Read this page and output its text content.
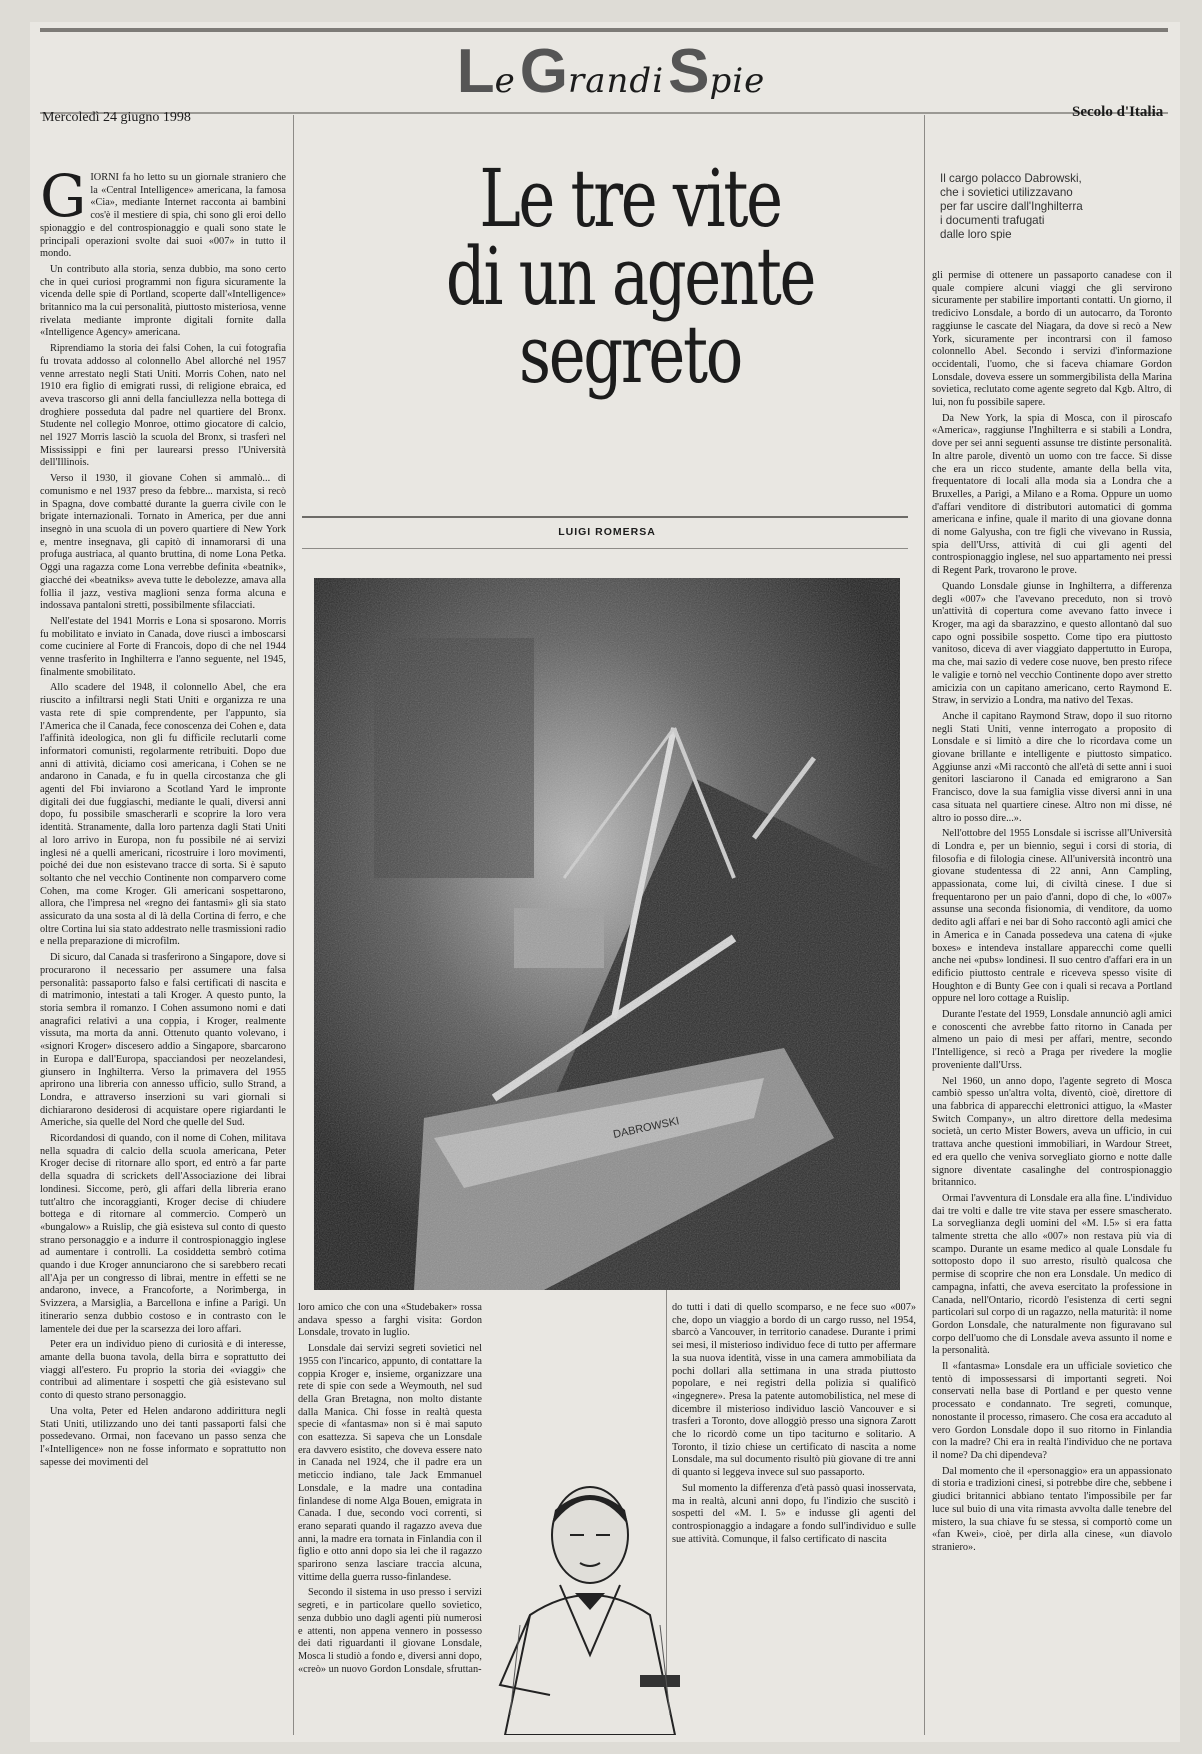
Le Grandi Spie
Mercoledì 24 giugno 1998	Secolo d'Italia
Le tre vite
di un agente
segreto
LUIGI ROMERSA
Il cargo polacco Dabrowski,
che i sovietici utilizzavano
per far uscire dall'Inghilterra
i documenti trafugati
dalle loro spie
G IORNI fa ho letto su un giornale straniero che la «Central Intelligence» americana, la famosa «Cia», mediante Internet racconta ai bambini cos'è il mestiere di spia, chi sono gli eroi dello spionaggio e del controspionaggio e quali sono state le principali operazioni svolte dai suoi «007» in tutto il mondo.

Un contributo alla storia, senza dubbio, ma sono certo che in quei curiosi programmi non figura sicuramente la vicenda delle spie di Portland, scoperte dall'«Intelligence» britannico ma la cui personalità, piuttosto misteriosa, venne rivelata mediante impronte digitali fornite dalla «Intelligence Agency» americana.

Riprendiamo la storia dei falsi Cohen, la cui fotografia fu trovata addosso al colonnello Abel allorché nel 1957 venne arrestato negli Stati Uniti. Morris Cohen, nato nel 1910 era figlio di emigrati russi, di religione ebraica, ed aveva trascorso gli anni della fanciullezza nella bottega di droghiere posseduta dal padre nel quartiere del Bronx. Studente nel collegio Monroe, ottimo giocatore di calcio, nel 1927 Morris lasciò la scuola del Bronx, si trasferì nel Mississippi e finì per laurearsi presso l'Università dell'Illinois.

Verso il 1930, il giovane Cohen si ammalò... di comunismo e nel 1937 preso da febbre... marxista, si recò in Spagna, dove combatté durante la guerra civile con le brigate internazionali. Tornato in America, per due anni insegnò in una scuola di un povero quartiere di New York e, mentre insegnava, gli capitò di innamorarsi di una profuga austriaca, al quanto bruttina, di nome Lona Petka. Oggi una ragazza come Lona verrebbe definita «beatnik», giacché dei «beatniks» aveva tutte le debolezze, amava alla follia il jazz, vestiva maglioni senza forma alcuna e indossava pantaloni stretti, possibilmente sfilacciati.

Nell'estate del 1941 Morris e Lona si sposarono. Morris fu mobilitato e inviato in Canada, dove riuscì a imboscarsi come cuciniere al Forte di Francois, dopo di che nel 1944 venne trasferito in Inghilterra e l'anno seguente, nel 1945, finalmente smobilitato.

Allo scadere del 1948, il colonnello Abel, che era riuscito a infiltrarsi negli Stati Uniti e organizza re una vasta rete di spie comprendente, per l'appunto, sia l'America che il Canada, fece conoscenza dei Cohen e, data l'affinità ideologica, non gli fu difficile reclutarli come informatori comunisti, regolarmente retribuiti. Dopo due anni di attività, diciamo così americana, i Cohen se ne andarono in Canada, e fu in quella circostanza che gli agenti del Fbi inviarono a Scotland Yard le impronte digitali dei due fuggiaschi, mediante le quali, diversi anni dopo, fu possibile smascherarli e scoprire la loro vera identità. Stranamente, dalla loro partenza dagli Stati Uniti al loro arrivo in Europa, non fu possibile né ai servizi inglesi né a quelli americani, ricostruire i loro movimenti, poiché dei due non esistevano tracce di sorta. Si è saputo soltanto che nel vecchio Continente non comparvero come Cohen, ma come Kroger. Gli americani sospettarono, allora, che l'impresa nel «regno dei fantasmi» gli sia stato assicurato da una sosta al di là della Cortina di ferro, e che oltre Cortina lui sia stato addestrato nelle trasmissioni radio e nella preparazione di microfilm.

Di sicuro, dal Canada si trasferirono a Singapore, dove si procurarono il necessario per assumere una falsa personalità: passaporto falso e falsi certificati di nascita e di matrimonio, intestati a tali Kroger. A questo punto, la storia sembra il romanzo. I Cohen assumono nomi e dati anagrafici relativi a una coppia, i Kroger, realmente vissuta, ma morta da anni. Ottenuto quanto volevano, i «signori Kroger» discesero addio a Singapore, sbarcarono in Europa e dall'Europa, spacciandosi per neozelandesi, giunsero in Inghilterra. Verso la primavera del 1955 aprirono una libreria con annesso ufficio, sullo Strand, a Londra, e attraverso inserzioni su vari giornali si dichiararono desiderosi di acquistare opere rigiardanti le Americhe, sia quelle del Nord che quelle del Sud.

Ricordandosi di quando, con il nome di Cohen, militava nella squadra di calcio della scuola americana, Peter Kroger decise di ritornare allo sport, ed entrò a far parte della squadra di scrickets dell'Associazione dei librai londinesi. Siccome, però, gli affari della libreria erano tutt'altro che incoraggianti, Kroger decise di chiudere bottega e di ritornare al commercio. Comperò un «bungalow» a Ruislip, che già esisteva sul conto di questo strano personaggio e a indurre il controspionaggio inglese ad aumentare i controlli. La cosiddetta sembrò cotima quando i due Kroger annunciarono che si sarebbero recati all'Aja per un congresso di librai, mentre in effetti se ne andarono, invece, a Francoforte, a Norimberga, in Svizzera, a Marsiglia, a Barcellona e infine a Parigi. Un itinerario senza dubbio costoso e in contrasto con le lamentele dei due per la scarsezza dei loro affari.

Peter era un individuo pieno di curiosità e di interesse, amante della buona tavola, della birra e soprattutto dei viaggi all'estero. Fu proprio la storia dei «viaggi» che contribuì ad alimentare i sospetti che già esistevano sul conto di questo strano personaggio.

Una volta, Peter ed Helen andarono addirittura negli Stati Uniti, utilizzando uno dei tanti passaporti falsi che possedevano. Ormai, non facevano un passo senza che l'«Intelligence» non ne fosse informato e soprattutto non sapesse dei movimenti del

loro amico che con una «Studebaker» rossa andava spesso a farghi visita: Gordon Lonsdale, trovato in luglio.

Lonsdale dai servizi segreti sovietici nel 1955 con l'incarico, appunto, di contattare la coppia Kroger e, insieme, organizzare una rete di spie con sede a Weymouth, nel sud della Gran Bretagna, non molto distante dalla Manica. Chi fosse in realtà questa specie di «fantasma» non si è mai saputo con esattezza. Si sapeva che un Lonsdale era davvero esistito, che doveva essere nato in Canada nel 1924, che il padre era un meticcio indiano, tale Jack Emmanuel Lonsdale, e la madre una contadina finlandese di nome Alga Bouen, emigrata in Canada. I due, secondo voci correnti, si erano separati quando il ragazzo aveva due anni, la madre era tornata in Finlandia con il figlio e otto anni dopo sia lei che il ragazzo sparirono senza lasciare traccia alcuna, vittime della guerra russo-finlandese.

Secondo il sistema in uso presso i servizi segreti, e in particolare quello sovietico, senza dubbio uno dagli agenti più numerosi e attenti, non appena vennero in possesso dei dati riguardanti il giovane Lonsdale, Mosca li studiò a fondo e, diversi anni dopo, «creò» un nuovo Gordon Lonsdale, sfruttan-

do tutti i dati di quello scomparso, e ne fece suo «007» che, dopo un viaggio a bordo di un cargo russo, nel 1954, sbarcò a Vancouver, in territorio canadese. Durante i primi sei mesi, il misterioso individuo fece di tutto per affermare la sua nuova identità, visse in una camera ammobiliata da pochi dollari alla settimana in una strada piuttosto popolare, e nei registri della polizia si qualificò «ingegnere». Presa la patente automobilistica, nel mese di dicembre il misterioso individuo lasciò Vancouver e si trasferì a Toronto, dove alloggiò presso una signora Zarott che lo ricordò come un tipo taciturno e solitario. A Toronto, il tizio chiese un certificato di nascita a nome Lonsdale, ma sul documento risultò più giovane di tre anni di quanto si leggeva invece sul suo passaporto.

Sul momento la differenza d'età passò quasi inosservata, ma in realtà, alcuni anni dopo, fu l'indizio che suscitò i sospetti del «M. I. 5» e indusse gli agenti del controspionaggio a indagare a fondo sull'individuo e sulle sue attività. Comunque, il falso certificato di nascita

gli permise di ottenere un passaporto canadese con il quale compiere alcuni viaggi che gli servirono sicuramente per stabilire importanti contatti. Un giorno, il tredicivo Lonsdale, a bordo di un autocarro, da Toronto raggiunse le cascate del Niagara, da dove si recò a New York, sicuramente per incontrarsi con il famoso colonnello Abel. Secondo i servizi d'informazione occidentali, l'uomo, che si faceva chiamare Gordon Lonsdale, doveva essere un sommergibilista della Marina sovietica, reclutato come agente segreto dal Kgb. Altro, di lui, non fu possibile sapere.

Da New York, la spia di Mosca, con il piroscafo «America», raggiunse l'Inghilterra e si stabilì a Londra, dove per sei anni seguenti assunse tre distinte personalità. In altre parole, diventò un uomo con tre facce. Si disse che era un ricco studente, amante della bella vita, frequentatore di locali alla moda sia a Londra che a Bruxelles, a Parigi, a Milano e a Roma. Oppure un uomo d'affari venditore di distributori automatici di gomma americana e infine, quale il marito di una giovane donna di nome Galyusha, con tre figli che vivevano in Russia, spia dell'Urss, attività di cui gli agenti del controspionaggio inglese, nel suo appartamento nei pressi di Regent Park, trovarono le prove.

Quando Lonsdale giunse in Inghilterra, a differenza degli «007» che l'avevano preceduto, non si trovò un'attività di copertura come avevano fatto invece i Kroger, ma agì da sbarazzino, e questo allontanò dal suo capo ogni possibile sospetto. Come tipo era piuttosto vanitoso, diceva di aver viaggiato dappertutto in Europa, ma che, mai sazio di vedere cose nuove, ben presto rifece le valigie e tornò nel vecchio Continente dopo aver stretto amicizia con un capitano americano, certo Raymond E. Straw, in servizio a Londra, ma nativo del Texas.

Anche il capitano Raymond Straw, dopo il suo ritorno negli Stati Uniti, venne interrogato a proposito di Lonsdale e si limitò a dire che lo ricordava come un giovane brillante e intelligente e piuttosto simpatico. Aggiunse anzi «Mi raccontò che all'età di sette anni i suoi genitori lasciarono il Canada ed emigrarono a San Francisco, dove la sua famiglia visse diversi anni in una casa situata nel quartiere cinese. Altro non mi disse, né altro io posso dire...».

Nell'ottobre del 1955 Lonsdale si iscrisse all'Università di Londra e, per un biennio, seguì i corsi di storia, di filosofia e di filologia cinese. All'università incontrò una giovane studentessa di 22 anni, Ann Campling, appassionata, come lui, di civiltà cinese. I due si frequentarono per un paio d'anni, dopo di che, lo «007» assunse una seconda fisionomia, di venditore, da uomo dedito agli affari e nei bar di Soho raccontò agli amici che in America e in Canada possedeva una catena di «juke boxes» e intendeva installare apparecchi come quelli anche nei «pubs» londinesi. Il suo centro d'affari era in un edificio piuttosto centrale e riceveva spesso visite di Houghton e di Bunty Gee con i quali si recava a Portland oppure nel loro cottage a Ruislip.

Durante l'estate del 1959, Lonsdale annunciò agli amici e conoscenti che avrebbe fatto ritorno in Canada per almeno un paio di mesi per affari, mentre, secondo l'Intelligence, si recò a Praga per rivedere la moglie proveniente dall'Urss.

Nel 1960, un anno dopo, l'agente segreto di Mosca cambiò spesso un'altra volta, diventò, cioè, direttore di una fabbrica di apparecchi elettronici attiguo, la «Master Switch Company», un altro direttore della medesima società, un certo Mister Bowers, aveva un ufficio, in cui trattava anche questioni immobiliari, in Wardour Street, ed era quello che veniva sorvegliato giorno e notte dalle signore diventate casalinghe del controspionaggio britannico.

Ormai l'avventura di Lonsdale era alla fine. L'individuo dai tre volti e dalle tre vite stava per essere smascherato. La sorveglianza degli uomini del «M. I.5» si era fatta talmente stretta che allo «007» non restava più via di scampo. Durante un esame medico al quale Lonsdale fu sottoposto dopo il suo arresto, risultò qualcosa che permise di scoprire che non era Lonsdale. Un medico di campagna, infatti, che aveva esercitato la professione in Canada, nell'Ontario, ricordò l'esistenza di certi segni particolari sul corpo di un ragazzo, nella maturità: il nome Gordon Lonsdale, che naturalmente non figuravano sul corpo dell'uomo che di Lonsdale aveva assunto il nome e la personalità.

Il «fantasma» Lonsdale era un ufficiale sovietico che tentò di impossessarsi di importanti segreti. Noi conservati nella base di Portland e per questo venne processato e condannato. Tre segreti, comunque, nonostante il processo, rimasero. Che cosa era accaduto al vero Gordon Lonsdale dopo il suo ritorno in Finlandia con la madre? Chi era in realtà l'individuo che ne portava il nome? Da chi dipendeva?

Dal momento che il «personaggio» era un appassionato di storia e tradizioni cinesi, si potrebbe dire che, sebbene i giudici britannici abbiano tentato l'impossibile per far luce sul buio di una vita rimasta avvolta dalle tenebre del mistero, la sua chiave fu se stessa, si comportò come un «fan Kwei», cioè, per dirla alla cinese, «un diavolo straniero».
